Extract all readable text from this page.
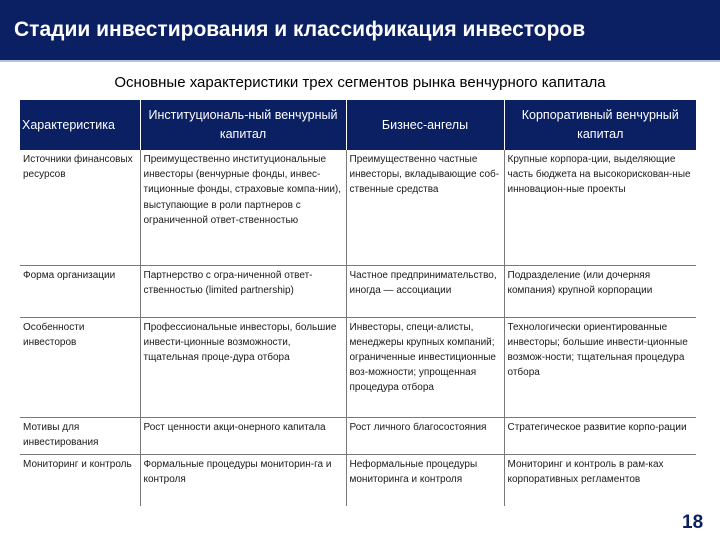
Стадии инвестирования и классификация инвесторов
Основные характеристики трех сегментов рынка венчурного капитала
Характеристика	Институциональ-ный венчурный капитал	Бизнес-ангелы	Корпоративный венчурный капитал
Источники финансовых ресурсов	Преимущественно институциональные инвесторы (венчурные фонды, инвес-тиционные фонды, страховые компа-нии), выступающие в роли партнеров с ограниченной ответ-ственностью	Преимущественно частные инвесторы, вкладывающие соб-ственные средства	Крупные корпора-ции, выделяющие часть бюджета на высокорискован-ные инновацион-ные проекты
Форма организации	Партнерство с огра-ниченной ответ-ственностью (limited partnership)	Частное предпринимательство, иногда — ассоциации	Подразделение (или дочерняя компания) крупной корпорации
Особенности инвесторов	Профессиональные инвесторы, большие инвести-ционные возможности, тщательная проце-дура отбора	Инвесторы, специ-алисты, менеджеры крупных компаний; ограниченные инвестиционные воз-можности; упрощенная процедура отбора	Технологически ориентированные инвесторы; большие инвести-ционные возмож-ности; тщательная процедура отбора
Мотивы для инвестирования	Рост ценности акци-онерного капитала	Рост личного благосостояния	Стратегическое развитие корпо-рации
Мониторинг и контроль	Формальные процедуры мониторин-га и контроля	Неформальные процедуры мониторинга и контроля	Мониторинг и контроль в рам-ках корпоративных регламентов
18
